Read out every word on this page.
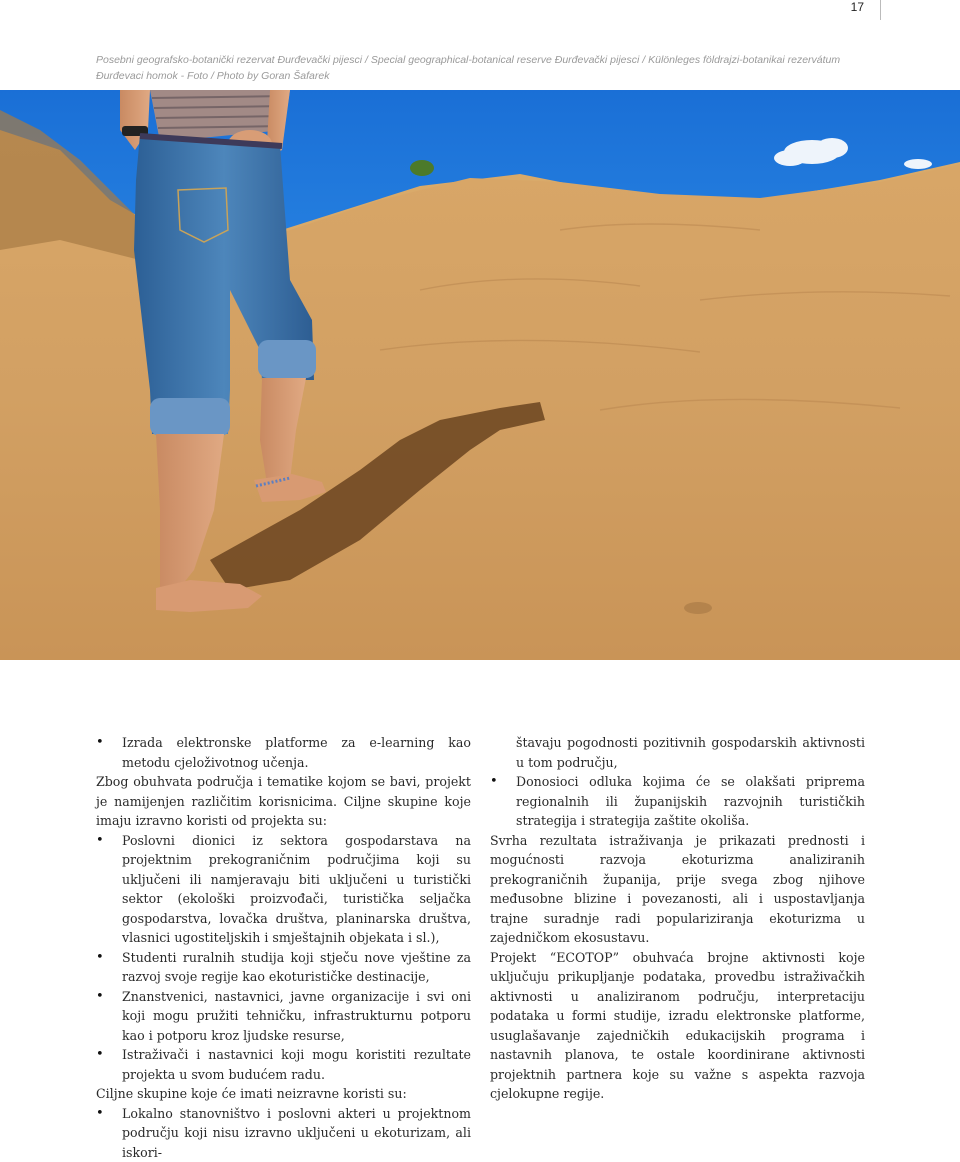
17
Posebni geografsko-botanički rezervat Đurđevački pijesci / Special geographical-botanical reserve Đurđevački pijesci / Különleges földrajzi-botanikai rezervátum Đurđevaci homok - Foto / Photo by Goran Šafarek
• Izrada elektronske platforme za e-learning kao metodu cjeloživotnog učenja.

Zbog obuhvata područja i tematike kojom se bavi, projekt je namijenjen različitim korisnicima. Ciljne skupine koje imaju izravno koristi od projekta su:

• Poslovni dionici iz sektora gospodarstava na projektnim prekograničnim područjima koji su uključeni ili namjeravaju biti uključeni u turistički sektor (ekološki proizvođači, turistička seljačka gospodarstva, lovačka društva, planinarska društva, vlasnici ugostiteljskih i smještajnih objekata i sl.),
• Studenti ruralnih studija koji stječu nove vještine za razvoj svoje regije kao ekoturističke destinacije,
• Znanstvenici, nastavnici, javne organizacije i svi oni koji mogu pružiti tehničku, infrastrukturnu potporu kao i potporu kroz ljudske resurse,
• Istraživači i nastavnici koji mogu koristiti rezultate projekta u svom budućem radu.

Ciljne skupine koje će imati neizravne koristi su:

• Lokalno stanovništvo i poslovni akteri u projektnom području koji nisu izravno uključeni u ekoturizam, ali iskori-

štavaju pogodnosti pozitivnih gospodarskih aktivnosti u tom području,

• Donosioci odluka kojima će se olakšati priprema regionalnih ili županijskih razvojnih turističkih strategija i strategija zaštite okoliša.

Svrha rezultata istraživanja je prikazati prednosti i mogućnosti razvoja ekoturizma analiziranih prekograničnih županija, prije svega zbog njihove međusobne blizine i povezanosti, ali i uspostavljanja trajne suradnje radi populariziranja ekoturizma u zajedničkom ekosustavu.

Projekt “ECOTOP” obuhvaća brojne aktivnosti koje uključuju prikupljanje podataka, provedbu istraživačkih aktivnosti u analiziranom području, interpretaciju podataka u formi studije, izradu elektronske platforme, usuglašavanje zajedničkih edukacijskih programa i nastavnih planova, te ostale koordinirane aktivnosti projektnih partnera koje su važne s aspekta razvoja cjelokupne regije.
